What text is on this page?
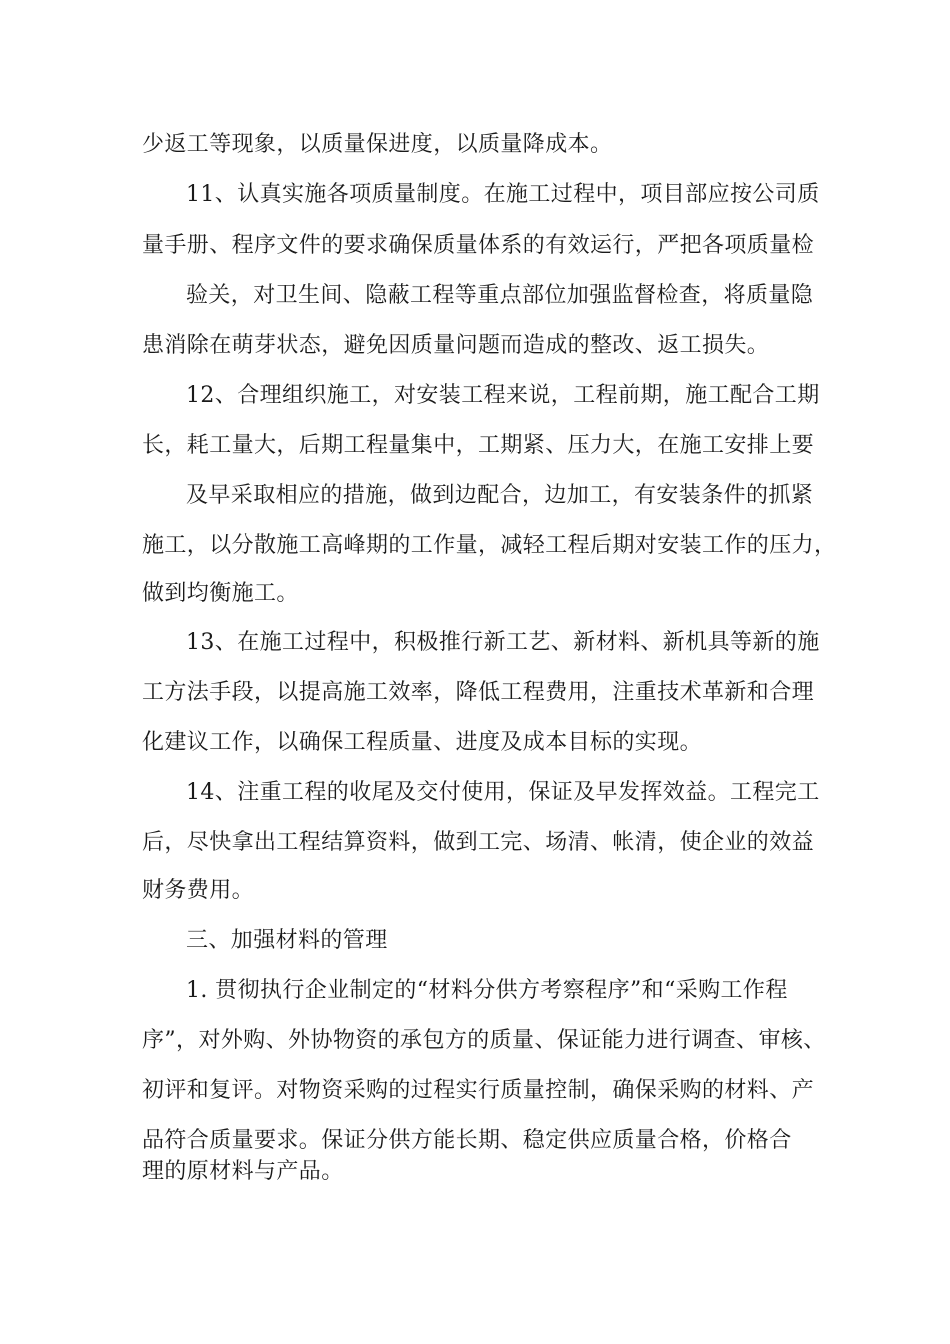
少返工等现象，以质量保进度，以质量降成本。

11、认真实施各项质量制度。在施工过程中，项目部应按公司质

量手册、程序文件的要求确保质量体系的有效运行，严把各项质量检

验关，对卫生间、隐蔽工程等重点部位加强监督检查，将质量隐

患消除在萌芽状态，避免因质量问题而造成的整改、返工损失。

12、合理组织施工，对安装工程来说，工程前期，施工配合工期

长，耗工量大，后期工程量集中，工期紧、压力大，在施工安排上要

及早采取相应的措施，做到边配合，边加工，有安装条件的抓紧

施工，以分散施工高峰期的工作量，减轻工程后期对安装工作的压力，

做到均衡施工。

13、在施工过程中，积极推行新工艺、新材料、新机具等新的施

工方法手段，以提高施工效率，降低工程费用，注重技术革新和合理

化建议工作，以确保工程质量、进度及成本目标的实现。

14、注重工程的收尾及交付使用，保证及早发挥效益。工程完工

后，尽快拿出工程结算资料，做到工完、场清、帐清，使企业的效益

财务费用。

三、加强材料的管理

1. 贯彻执行企业制定的“材料分供方考察程序”和“采购工作程

序”，对外购、外协物资的承包方的质量、保证能力进行调查、审核、

初评和复评。对物资采购的过程实行质量控制，确保采购的材料、产

品符合质量要求。保证分供方能长期、稳定供应质量合格，价格合

理的原材料与产品。
